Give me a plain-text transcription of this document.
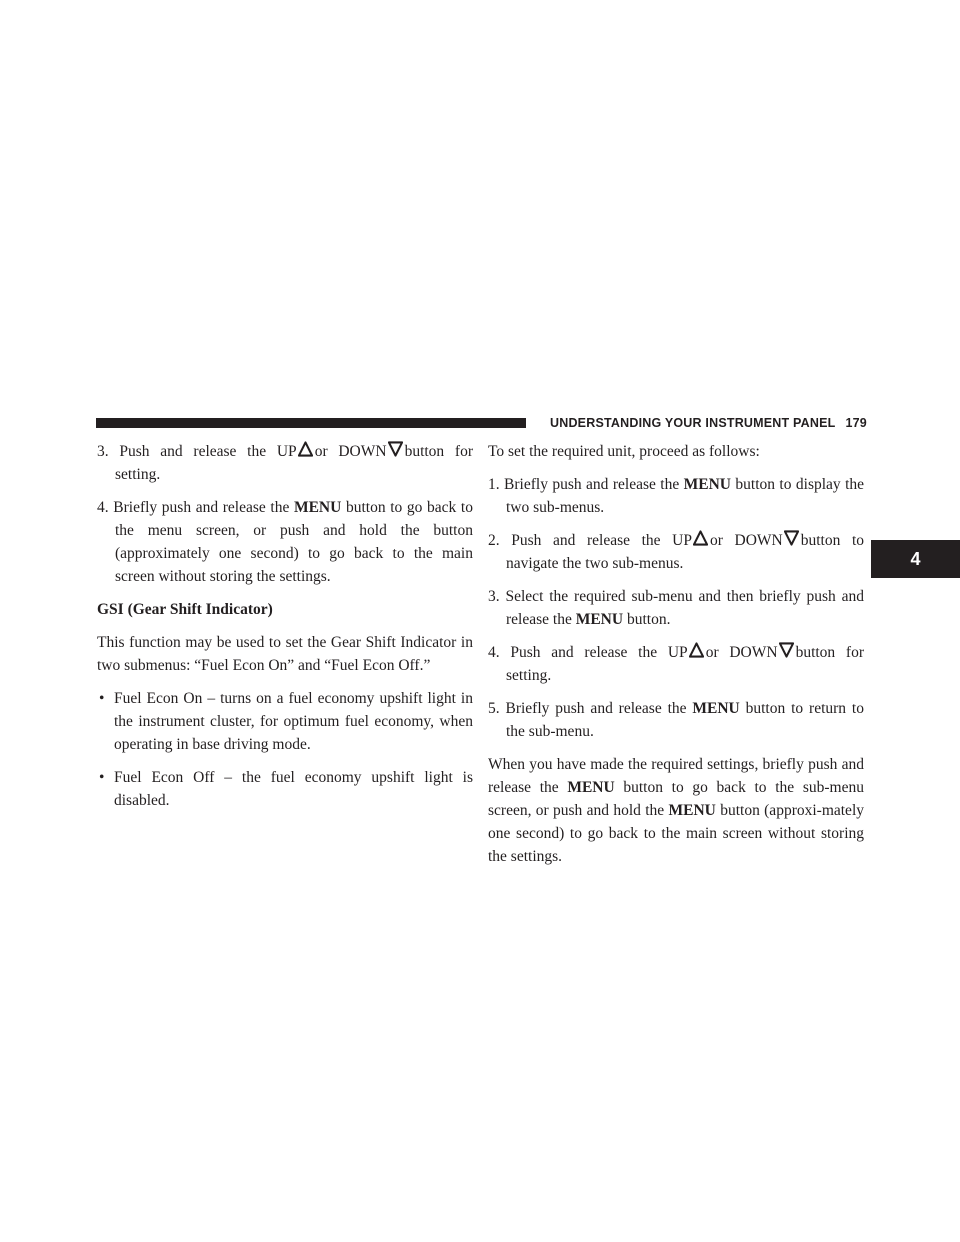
UNDERSTANDING YOUR INSTRUMENT PANEL 179
4
3. Push and release the UP or DOWN button for setting.
4. Briefly push and release the MENU button to go back to the menu screen, or push and hold the button (approximately one second) to go back to the main screen without storing the settings.
GSI (Gear Shift Indicator)

This function may be used to set the Gear Shift Indicator in two submenus: “Fuel Econ On” and “Fuel Econ Off.”

• Fuel Econ On – turns on a fuel economy upshift light in the instrument cluster, for optimum fuel economy, when operating in base driving mode.
• Fuel Econ Off – the fuel economy upshift light is disabled.

To set the required unit, proceed as follows:

1. Briefly push and release the MENU button to display the two sub-menus.
2. Push and release the UP or DOWN button to navigate the two sub-menus.
3. Select the required sub-menu and then briefly push and release the MENU button.
4. Push and release the UP or DOWN button for setting.
5. Briefly push and release the MENU button to return to the sub-menu.

When you have made the required settings, briefly push and release the MENU button to go back to the sub-menu screen, or push and hold the MENU button (approxi-mately one second) to go back to the main screen without storing the settings.
